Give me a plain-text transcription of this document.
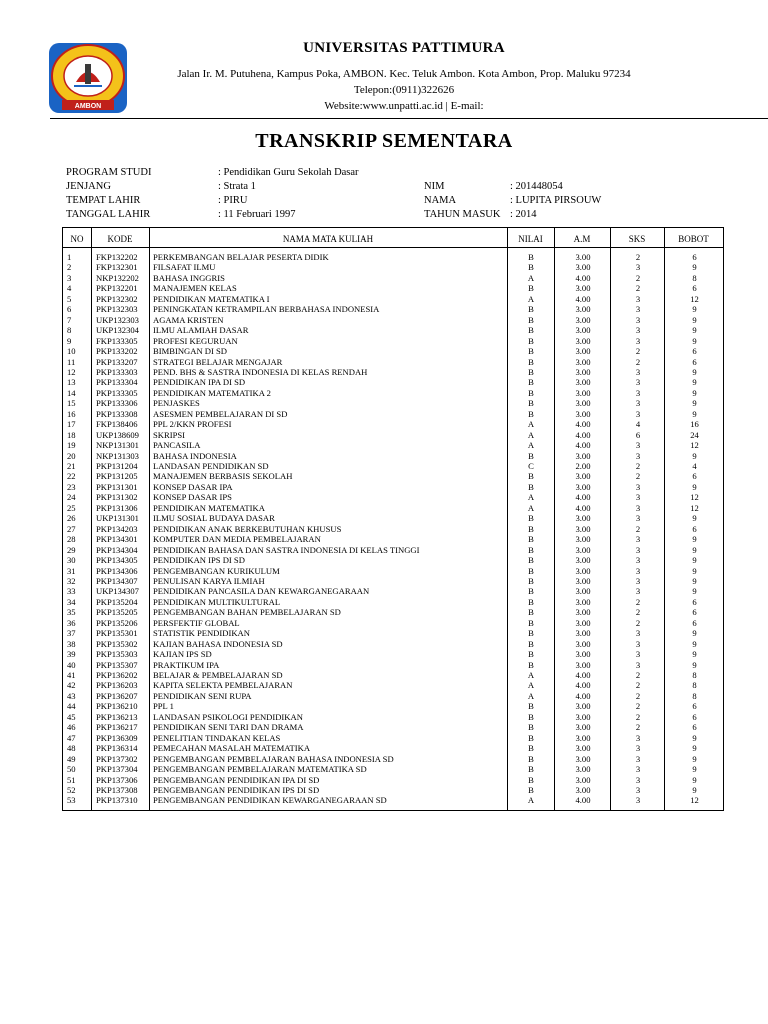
AMBON
UNIVERSITAS PATTIMURA
Jalan Ir. M. Putuhena, Kampus Poka, AMBON. Kec. Teluk Ambon. Kota Ambon, Prop. Maluku 97234
Telepon:(0911)322626
Website:www.unpatti.ac.id | E-mail:
TRANSKRIP SEMENTARA
PROGRAM STUDI	: Pendidikan Guru Sekolah Dasar
JENJANG	: Strata 1	NIM	: 201448054
TEMPAT LAHIR	: PIRU	NAMA	: LUPITA PIRSOUW
TANGGAL LAHIR	: 11 Februari 1997	TAHUN MASUK : 2014
NO	KODE	NAMA MATA KULIAH	NILAI	A.M	SKS	BOBOT
1	FKP132202 PERKEMBANGAN BELAJAR PESERTA DIDIK	B	3.00	2	6
2	FKP132301 FILSAFAT ILMU	B	3.00	3	9
3	NKP132202 BAHASA INGGRIS	A	4.00	2	8
4	PKP132201 MANAJEMEN KELAS	B	3.00	2	6
5	PKP132302 PENDIDIKAN MATEMATIKA I	A	4.00	3	12
6	PKP132303 PENINGKATAN KETRAMPILAN BERBAHASA INDONESIA	B	3.00	3	9
7	UKP132303 AGAMA KRISTEN	B	3.00	3	9
8	UKP132304 ILMU ALAMIAH DASAR	B	3.00	3	9
9	FKP133305 PROFESI KEGURUAN	B	3.00	3	9
10 PKP133202 BIMBINGAN DI SD	B	3.00	2	6
11 PKP133207 STRATEGI BELAJAR MENGAJAR	B	3.00	2	6
12 PKP133303 PEND. BHS & SASTRA INDONESIA DI KELAS RENDAH	B	3.00	3	9
13 PKP133304 PENDIDIKAN IPA DI SD	B	3.00	3	9
14 PKP133305 PENDIDIKAN MATEMATIKA 2	B	3.00	3	9
15 PKP133306 PENJASKES	B	3.00	3	9
16 PKP133308 ASESMEN PEMBELAJARAN DI SD	B	3.00	3	9
17 FKP138406 PPL 2/KKN PROFESI	A	4.00	4	16
18 UKP138609 SKRIPSI	A	4.00	6	24
19 NKP131301 PANCASILA	A	4.00	3	12
20 NKP131303 BAHASA INDONESIA	B	3.00	3	9
21 PKP131204 LANDASAN PENDIDIKAN SD	C	2.00	2	4
22 PKP131205 MANAJEMEN BERBASIS SEKOLAH	B	3.00	2	6
23 PKP131301 KONSEP DASAR IPA	B	3.00	3	9
24 PKP131302 KONSEP DASAR IPS	A	4.00	3	12
25 PKP131306 PENDIDIKAN MATEMATIKA	A	4.00	3	12
26 UKP131301 ILMU SOSIAL BUDAYA DASAR	B	3.00	3	9
27 PKP134203 PENDIDIKAN ANAK BERKEBUTUHAN KHUSUS	B	3.00	2	6
28 PKP134301 KOMPUTER DAN MEDIA PEMBELAJARAN	B	3.00	3	9
29 PKP134304 PENDIDIKAN BAHASA DAN SASTRA INDONESIA DI KELAS TINGGI	B	3.00	3	9
30 PKP134305 PENDIDIKAN IPS DI SD	B	3.00	3	9
31 PKP134306 PENGEMBANGAN KURIKULUM	B	3.00	3	9
32 PKP134307 PENULISAN KARYA ILMIAH	B	3.00	3	9
33 UKP134307 PENDIDIKAN PANCASILA DAN KEWARGANEGARAAN	B	3.00	3	9
34 PKP135204 PENDIDIKAN MULTIKULTURAL	B	3.00	2	6
35 PKP135205 PENGEMBANGAN BAHAN PEMBELAJARAN SD	B	3.00	2	6
36 PKP135206 PERSFEKTIF GLOBAL	B	3.00	2	6
37 PKP135301 STATISTIK PENDIDIKAN	B	3.00	3	9
38 PKP135302 KAJIAN BAHASA INDONESIA SD	B	3.00	3	9
39 PKP135303 KAJIAN IPS SD	B	3.00	3	9
40 PKP135307 PRAKTIKUM IPA	B	3.00	3	9
41 PKP136202 BELAJAR & PEMBELAJARAN SD	A	4.00	2	8
42 PKP136203 KAPITA SELEKTA PEMBELAJARAN	A	4.00	2	8
43 PKP136207 PENDIDIKAN SENI RUPA	A	4.00	2	8
44 PKP136210 PPL 1	B	3.00	2	6
45 PKP136213 LANDASAN PSIKOLOGI PENDIDIKAN	B	3.00	2	6
46 PKP136217 PENDIDIKAN SENI TARI DAN DRAMA	B	3.00	2	6
47 PKP136309 PENELITIAN TINDAKAN KELAS	B	3.00	3	9
48 PKP136314 PEMECAHAN MASALAH MATEMATIKA	B	3.00	3	9
49 PKP137302 PENGEMBANGAN PEMBELAJARAN BAHASA INDONESIA SD	B	3.00	3	9
50 PKP137304 PENGEMBANGAN PEMBELAJARAN MATEMATIKA SD	B	3.00	3	9
51 PKP137306 PENGEMBANGAN PENDIDIKAN IPA DI SD	B	3.00	3	9
52 PKP137308 PENGEMBANGAN PENDIDIKAN IPS DI SD	B	3.00	3	9
53 PKP137310 PENGEMBANGAN PENDIDIKAN KEWARGANEGARAAN SD	A	4.00	3	12
